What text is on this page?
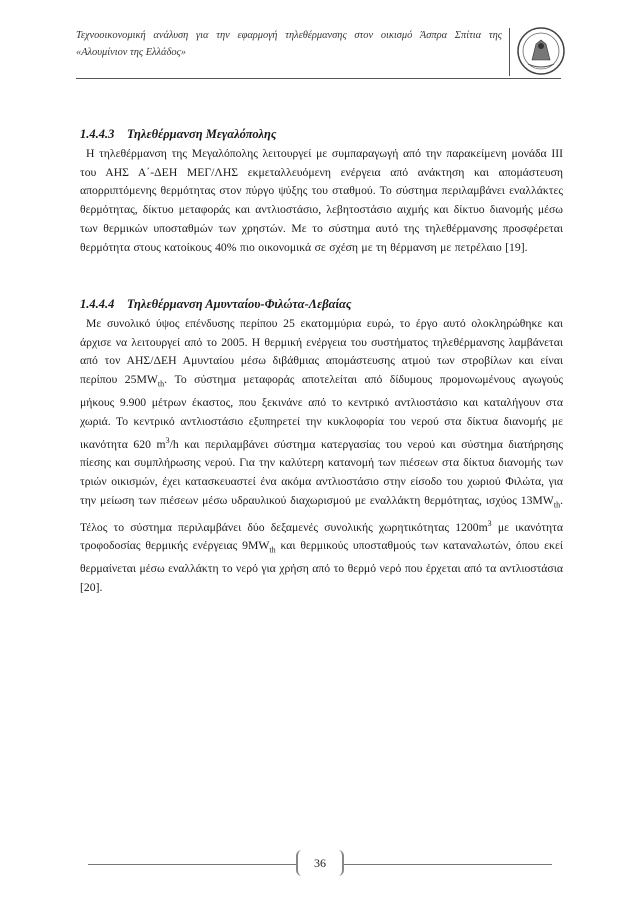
Τεχνοοικονομική ανάλυση για την εφαρμογή τηλεθέρμανσης στον οικισμό Άσπρα Σπίτια της «Αλουμίνιον της Ελλάδος»

1.4.4.3 Τηλεθέρμανση Μεγαλόπολης

Η τηλεθέρμανση της Μεγαλόπολης λειτουργεί με συμπαραγωγή από την παρακείμενη μονάδα ΙΙΙ του ΑΗΣ Α΄-ΔΕΗ ΜΕΓ/ΛΗΣ εκμεταλλευόμενη ενέργεια από ανάκτηση και απομάστευση απορριπτόμενης θερμότητας στον πύργο ψύξης του σταθμού. Το σύστημα περιλαμβάνει εναλλάκτες θερμότητας, δίκτυο μεταφοράς και αντλιοστάσιο, λεβητοστάσιο αιχμής και δίκτυο διανομής μέσω των θερμικών υποσταθμών των χρηστών. Με το σύστημα αυτό της τηλεθέρμανσης προσφέρεται θερμότητα στους κατοίκους 40% πιο οικονομικά σε σχέση με τη θέρμανση με πετρέλαιο [19].

1.4.4.4 Τηλεθέρμανση Αμυνταίου-Φιλώτα-Λεβαίας

Με συνολικό ύψος επένδυσης περίπου 25 εκατομμύρια ευρώ, το έργο αυτό ολοκληρώθηκε και άρχισε να λειτουργεί από το 2005. Η θερμική ενέργεια του συστήματος τηλεθέρμανσης λαμβάνεται από τον ΑΗΣ/ΔΕΗ Αμυνταίου μέσω διβάθμιας απομάστευσης ατμού των στροβίλων και είναι περίπου $25MW_{th}$. Το σύστημα μεταφοράς αποτελείται από δίδυμους προμονωμένους αγωγούς μήκους 9.900 μέτρων έκαστος, που ξεκινάνε από το κεντρικό αντλιοστάσιο και καταλήγουν στα χωριά. Το κεντρικό αντλιοστάσιο εξυπηρετεί την κυκλοφορία του νερού στα δίκτυα διανομής με ικανότητα 620 $m^3/h$ και περιλαμβάνει σύστημα κατεργασίας του νερού και σύστημα διατήρησης πίεσης και συμπλήρωσης νερού. Για την καλύτερη κατανομή των πιέσεων στα δίκτυα διανομής των τριών οικισμών, έχει κατασκευαστεί ένα ακόμα αντλιοστάσιο στην είσοδο του χωριού Φιλώτα, για την μείωση των πιέσεων μέσω υδραυλικού διαχωρισμού με εναλλάκτη θερμότητας, ισχύος $13MW_{th}$. Τέλος το σύστημα περιλαμβάνει δύο δεξαμενές συνολικής χωρητικότητας $1200m^3$ με ικανότητα τροφοδοσίας θερμικής ενέργειας $9MW_{th}$ και θερμικούς υποσταθμούς των καταναλωτών, όπου εκεί θερμαίνεται μέσω εναλλάκτη το νερό για χρήση από το θερμό νερό που έρχεται από τα αντλιοστάσια [20].

36
